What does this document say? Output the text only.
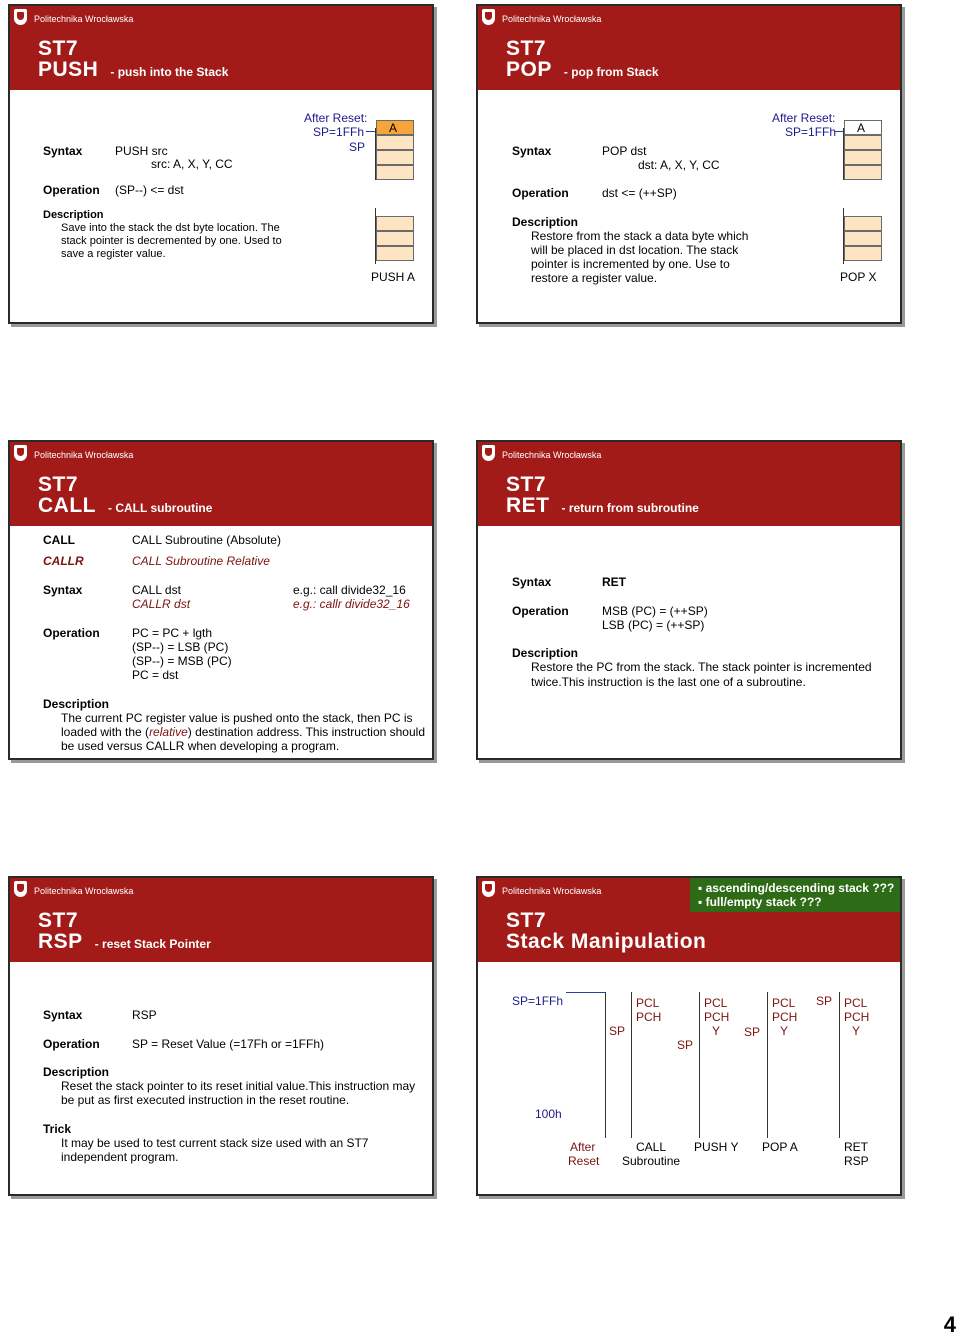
Politechnika Wrocławska
ST7
PUSH - push into the Stack
Syntax	PUSH src
src: A, X, Y, CC
Operation (SP--) <= dst
Description
Save into the stack the dst byte location. The
stack pointer is decremented by one. Used to
save a register value.
After Reset:
SP=1FFh
SP
A
PUSH A
Politechnika Wrocławska
ST7
POP - pop from Stack
Syntax	POP dst
dst: A, X, Y, CC
Operation	dst <= (++SP)
Description
Restore from the stack a data byte which
will be placed in dst location. The stack
pointer is incremented by one. Use to
restore a register value.
After Reset:
SP=1FFh A
POP X
Politechnika Wrocławska
ST7
CALL - CALL subroutine
CALL	CALL Subroutine (Absolute)
CALLR	CALL Subroutine Relative
Syntax	CALL dst
CALLR dst
e.g.: call divide32_16
e.g.: callr divide32_16
Operation	PC = PC + lgth
(SP--) = LSB (PC)
(SP--) = MSB (PC)
PC = dst
Description
The current PC register value is pushed onto the stack, then PC is
loaded with the (relative) destination address. This instruction should
be used versus CALLR when developing a program.
Politechnika Wrocławska
ST7
RET - return from subroutine
Syntax	RET
Operation	MSB (PC) = (++SP)
LSB (PC) = (++SP)
Description
Restore the PC from the stack. The stack pointer is incremented
twice.This instruction is the last one of a subroutine.
Politechnika Wrocławska
ST7
RSP - reset Stack Pointer
Syntax	RSP
Operation	SP = Reset Value (=17Fh or =1FFh)
Description
Reset the stack pointer to its reset initial value.This instruction may
be put as first executed instruction in the reset routine.
Trick
It may be used to test current stack size used with an ST7
independent program.
Politechnika Wrocławska
ST7
Stack Manipulation
▪ ascending/descending stack ???
▪ full/empty stack ???
SP=1FFh
100h
PCL
PCH
SP
PCL
PCH
Y
SP
PCL
PCH
Y
SP
PCL
PCH
Y
SP
After
Reset
CALL
Subroutine
PUSH Y POP A	RET
RSP
4
